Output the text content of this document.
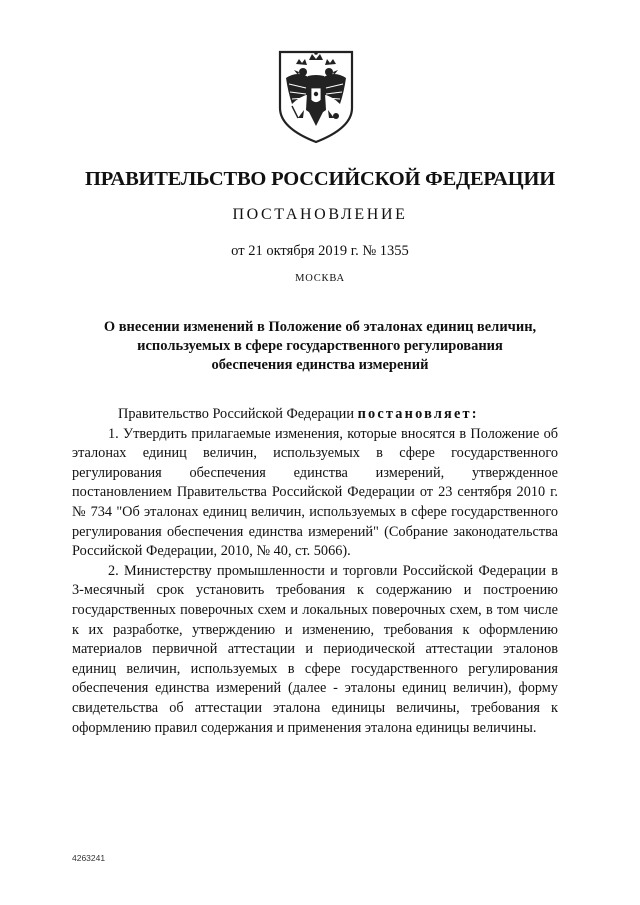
ПРАВИТЕЛЬСТВО РОССИЙСКОЙ ФЕДЕРАЦИИ
ПОСТАНОВЛЕНИЕ
от 21 октября 2019 г. № 1355
МОСКВА
О внесении изменений в Положение об эталонах единиц величин,
используемых в сфере государственного регулирования
обеспечения единства измерений
Правительство Российской Федерации постановляет:

1. Утвердить прилагаемые изменения, которые вносятся в Положение об эталонах единиц величин, используемых в сфере государственного регулирования обеспечения единства измерений, утвержденное постановлением Правительства Российской Федерации от 23 сентября 2010 г. № 734 "Об эталонах единиц величин, используемых в сфере государственного регулирования обеспечения единства измерений" (Собрание законодательства Российской Федерации, 2010, № 40, ст. 5066).

2. Министерству промышленности и торговли Российской Федерации в 3-месячный срок установить требования к содержанию и построению государственных поверочных схем и локальных поверочных схем, в том числе к их разработке, утверждению и изменению, требования к оформлению материалов первичной аттестации и периодической аттестации эталонов единиц величин, используемых в сфере государственного регулирования обеспечения единства измерений (далее - эталоны единиц величин), форму свидетельства об аттестации эталона единицы величины, требования к оформлению правил содержания и применения эталона единицы величины.

4263241
